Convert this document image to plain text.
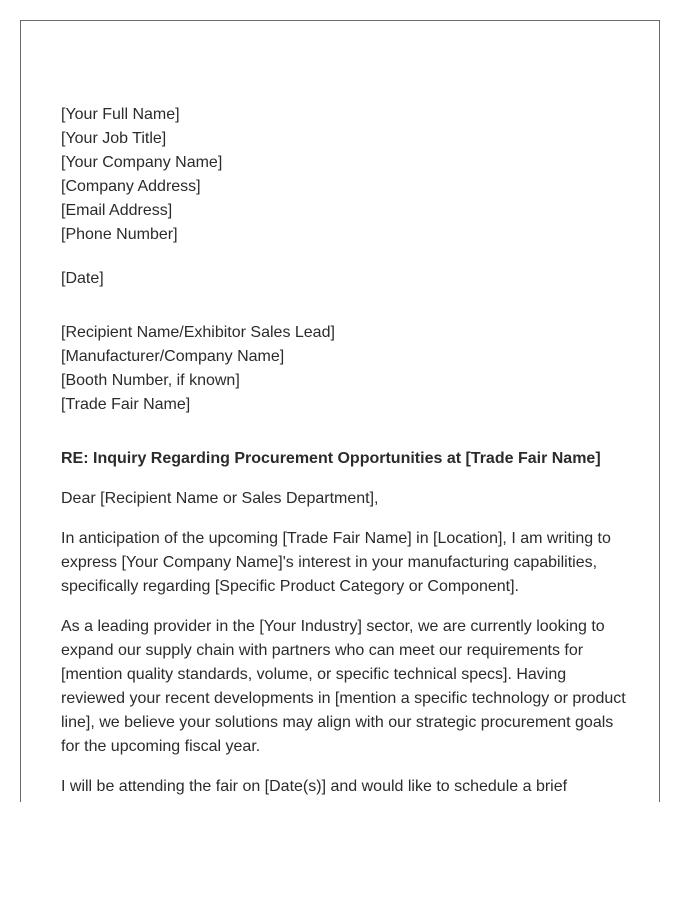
[Your Full Name]
[Your Job Title]
[Your Company Name]
[Company Address]
[Email Address]
[Phone Number]
[Date]
[Recipient Name/Exhibitor Sales Lead]
[Manufacturer/Company Name]
[Booth Number, if known]
[Trade Fair Name]
RE: Inquiry Regarding Procurement Opportunities at [Trade Fair Name]
Dear [Recipient Name or Sales Department],
In anticipation of the upcoming [Trade Fair Name] in [Location], I am writing to express [Your Company Name]'s interest in your manufacturing capabilities, specifically regarding [Specific Product Category or Component].
As a leading provider in the [Your Industry] sector, we are currently looking to expand our supply chain with partners who can meet our requirements for [mention quality standards, volume, or specific technical specs]. Having reviewed your recent developments in [mention a specific technology or product line], we believe your solutions may align with our strategic procurement goals for the upcoming fiscal year.
I will be attending the fair on [Date(s)] and would like to schedule a brief
